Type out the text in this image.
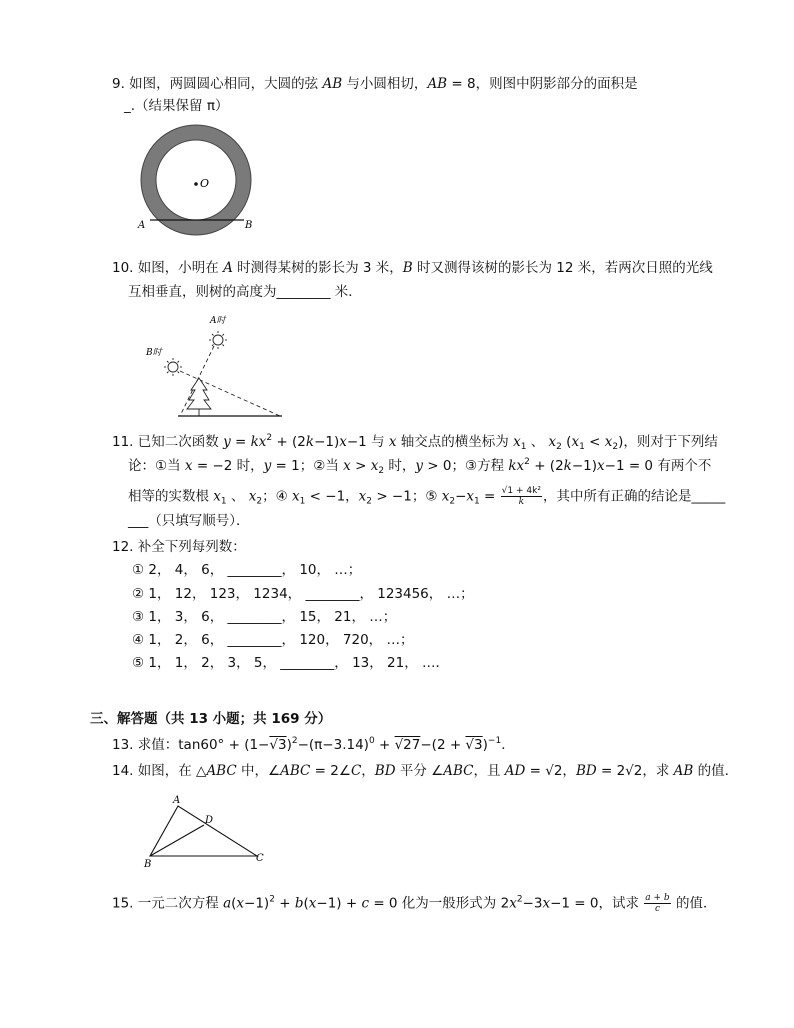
9. 如图，两圆圆心相同，大圆的弦 AB 与小圆相切，AB = 8，则图中阴影部分的面积是
_.（结果保留 π）
O
A	B
10. 如图，小明在 A 时测得某树的影长为 3 米，B 时又测得该树的影长为 12 米，若两次日照的光线
互相垂直，则树的高度为________ 米．
A时
B时
11. 已知二次函数 $y = kx^2 + (2k-1)x-1$ 与 x 轴交点的横坐标为 $x_1$ 、 $x_2$ $(x_1 < x_2)$，则对于下列结
论：①当 x = −2 时，y = 1；②当 $x > x_2$ 时，y > 0；③方程 $kx^2 + (2k-1)x-1 = 0$ 有两个不
相等的实数根 $x_1$ 、 $x_2$；④ $x_1 < -1$，$x_2 > -1$；⑤ $x_2-x_1 = \frac{\text{√1 + 4k²}}{k}$ ，其中所有正确的结论是_____
___（只填写顺号）．
12. 补全下列每列数：
① 2， 4， 6， ________， 10， …；
② 1， 12， 123， 1234， ________， 123456， …；
③ 1， 3， 6， ________， 15， 21， …；
④ 1， 2， 6， ________， 120， 720， …；
⑤ 1， 1， 2， 3， 5， ________， 13， 21， …．
三、解答题（共 13 小题；共 169 分）
13. 求值：$\tan 60^\circ + (1-√3)^2-(\pi-3.14)^0 + √27-(2 + √3)^{-1}$．
14. 如图，在 △ABC 中，∠ABC = 2∠C，BD 平分 ∠ABC，且 AD = √2，BD = 2√2，求 AB 的值．
A
B
C
D
15. 一元二次方程 $a(x-1)^2 + b(x-1) + c = 0$ 化为一般形式为 $2x^2-3x-1 = 0$，试求 $\frac{a + b}{c}$ 的值．
